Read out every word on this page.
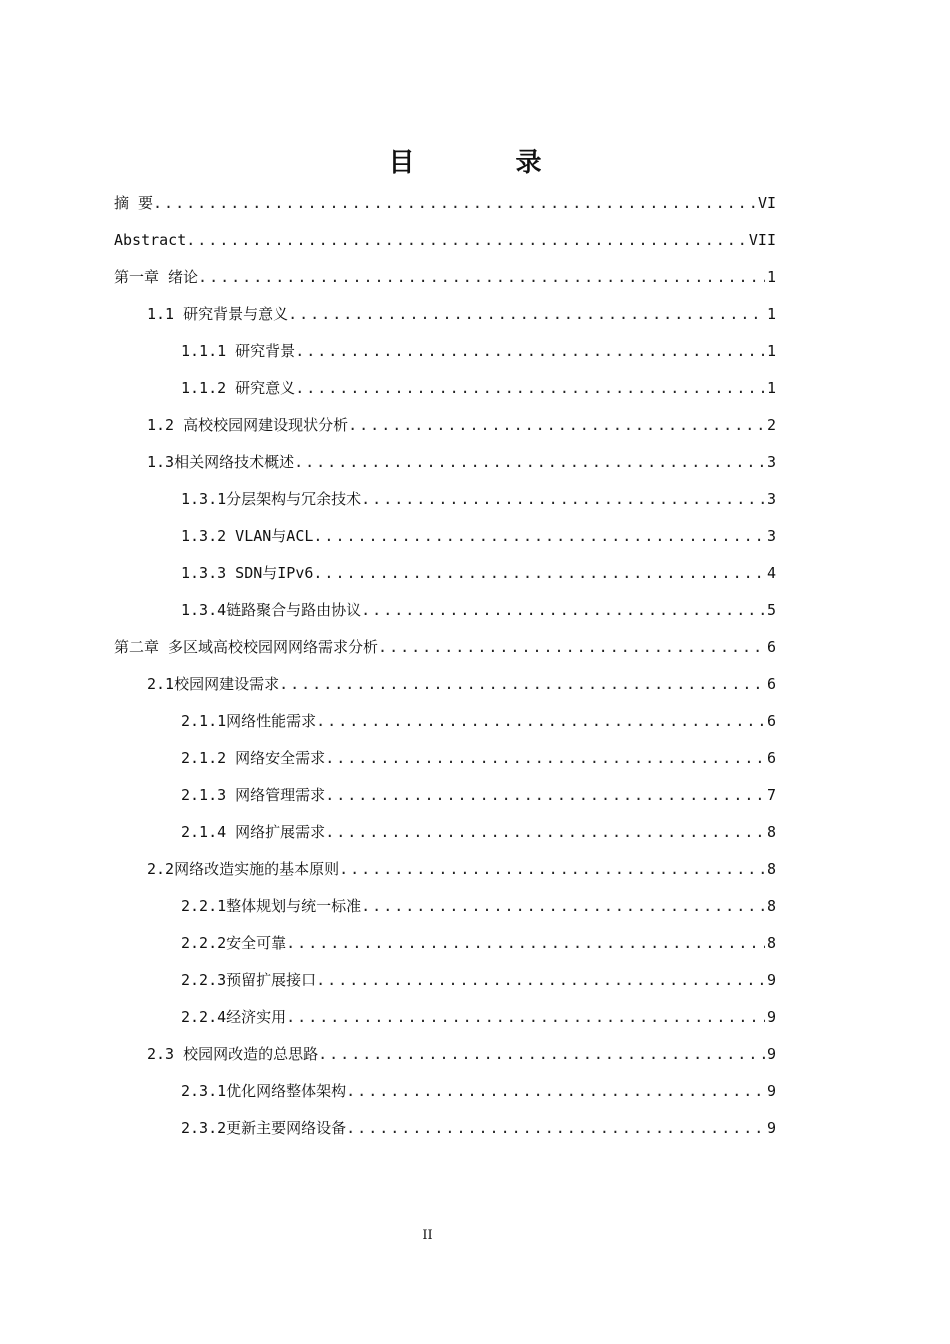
目 录
摘 要 .....	VI
Abstract .....	VII
第一章 绪论 .....	1
1.1 研究背景与意义 .....	1
1.1.1 研究背景 .....	1
1.1.2 研究意义 .....	1
1.2 高校校园网建设现状分析 .....	2
1.3相关网络技术概述 .....	3
1.3.1分层架构与冗余技术 .....	3
1.3.2 VLAN与ACL .....	3
1.3.3 SDN与IPv6 .....	4
1.3.4链路聚合与路由协议 .....	5
第二章 多区域高校校园网网络需求分析 .....	6
2.1校园网建设需求 .....	6
2.1.1网络性能需求 .....	6
2.1.2 网络安全需求 .....	6
2.1.3 网络管理需求 .....	7
2.1.4 网络扩展需求 .....	8
2.2网络改造实施的基本原则 .....	8
2.2.1整体规划与统一标准 .....	8
2.2.2安全可靠 .....	8
2.2.3预留扩展接口 .....	9
2.2.4经济实用 .....	9
2.3 校园网改造的总思路 .....	9
2.3.1优化网络整体架构 .....	9
2.3.2更新主要网络设备 .....	9
II
